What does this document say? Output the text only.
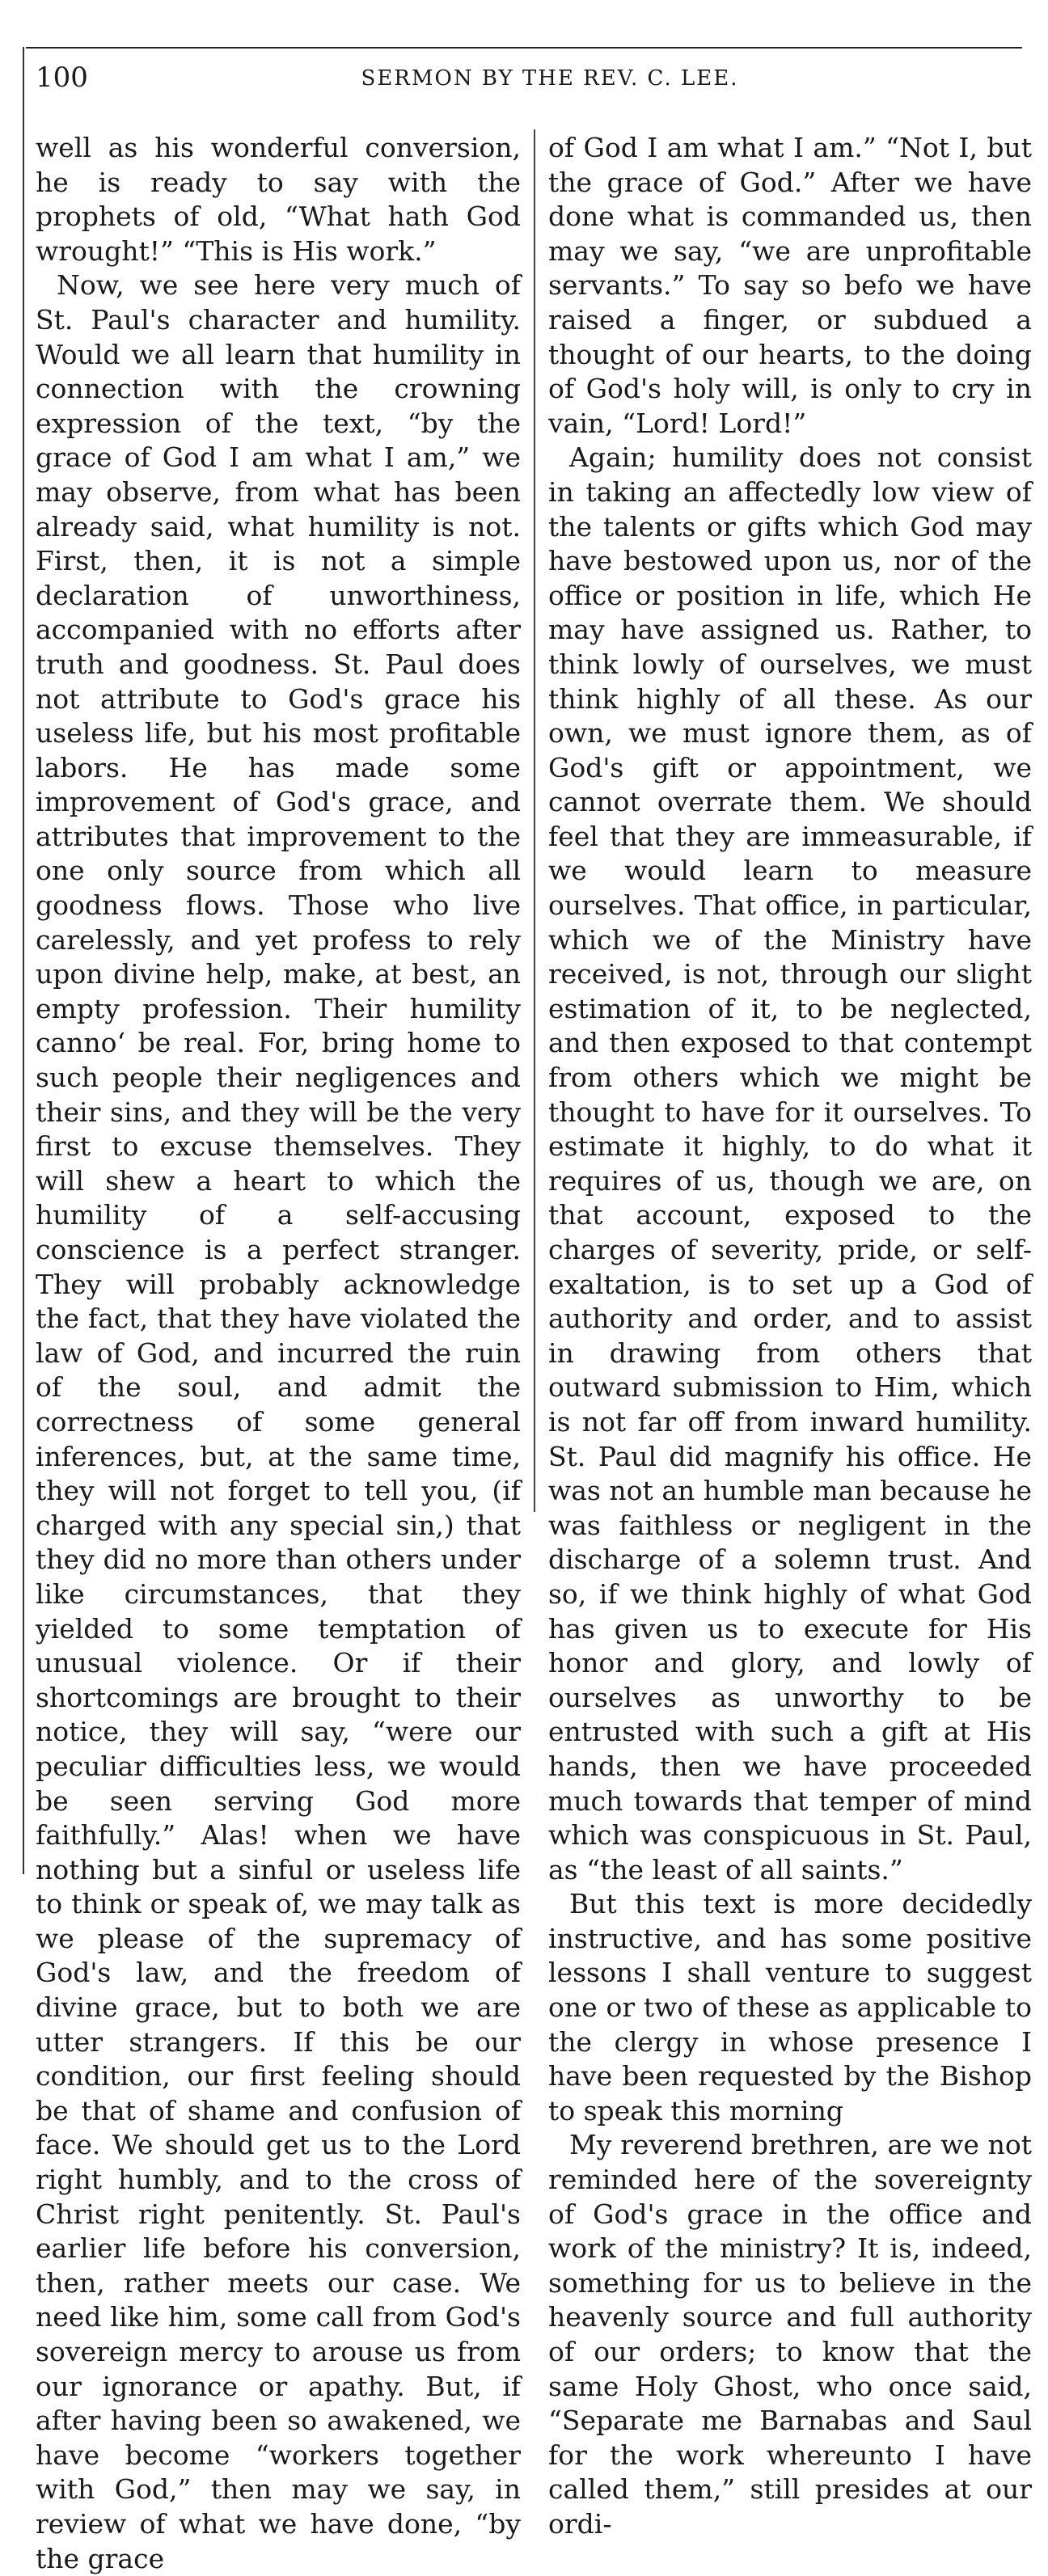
100	SERMON BY THE REV. C. LEE.

well as his wonderful conversion, he is ready to say with the prophets of old, “What hath God wrought!” “This is His work.”

Now, we see here very much of St. Paul's character and humility. Would we all learn that humility in connection with the crowning expression of the text, “by the grace of God I am what I am,” we may observe, from what has been already said, what humility is not. First, then, it is not a simple declaration of unworthiness, accompanied with no efforts after truth and goodness. St. Paul does not attribute to God's grace his useless life, but his most profitable labors. He has made some improvement of God's grace, and attributes that improvement to the one only source from which all goodness flows. Those who live carelessly, and yet profess to rely upon divine help, make, at best, an empty profession. Their humility canno‘ be real. For, bring home to such people their negligences and their sins, and they will be the very first to excuse themselves. They will shew a heart to which the humility of a self-accusing conscience is a perfect stranger. They will probably acknowledge the fact, that they have violated the law of God, and incurred the ruin of the soul, and admit the correctness of some general inferences, but, at the same time, they will not forget to tell you, (if charged with any special sin,) that they did no more than others under like circumstances, that they yielded to some temptation of unusual violence. Or if their shortcomings are brought to their notice, they will say, “were our peculiar difficulties less, we would be seen serving God more faithfully.” Alas! when we have nothing but a sinful or useless life to think or speak of, we may talk as we please of the supremacy of God's law, and the freedom of divine grace, but to both we are utter strangers. If this be our condition, our first feeling should be that of shame and confusion of face. We should get us to the Lord right humbly, and to the cross of Christ right penitently. St. Paul's earlier life before his conversion, then, rather meets our case. We need like him, some call from God's sovereign mercy to arouse us from our ignorance or apathy. But, if after having been so awakened, we have become “workers together with God,” then may we say, in review of what we have done, “by the grace

of God I am what I am.” “Not I, but the grace of God.” After we have done what is commanded us, then may we say, “we are unprofitable servants.” To say so befo we have raised a finger, or subdued a thought of our hearts, to the doing of God's holy will, is only to cry in vain, “Lord! Lord!”

Again; humility does not consist in taking an affectedly low view of the talents or gifts which God may have bestowed upon us, nor of the office or position in life, which He may have assigned us. Rather, to think lowly of ourselves, we must think highly of all these. As our own, we must ignore them, as of God's gift or appointment, we cannot overrate them. We should feel that they are immeasurable, if we would learn to measure ourselves. That office, in particular, which we of the Ministry have received, is not, through our slight estimation of it, to be neglected, and then exposed to that contempt from others which we might be thought to have for it ourselves. To estimate it highly, to do what it requires of us, though we are, on that account, exposed to the charges of severity, pride, or self-exaltation, is to set up a God of authority and order, and to assist in drawing from others that outward submission to Him, which is not far off from inward humility. St. Paul did magnify his office. He was not an humble man because he was faithless or negligent in the discharge of a solemn trust. And so, if we think highly of what God has given us to execute for His honor and glory, and lowly of ourselves as unworthy to be entrusted with such a gift at His hands, then we have proceeded much towards that temper of mind which was conspicuous in St. Paul, as “the least of all saints.”

But this text is more decidedly instructive, and has some positive lessons I shall venture to suggest one or two of these as applicable to the clergy in whose presence I have been requested by the Bishop to speak this morning

My reverend brethren, are we not reminded here of the sovereignty of God's grace in the office and work of the ministry? It is, indeed, something for us to believe in the heavenly source and full authority of our orders; to know that the same Holy Ghost, who once said, “Separate me Barnabas and Saul for the work whereunto I have called them,” still presides at our ordi-
